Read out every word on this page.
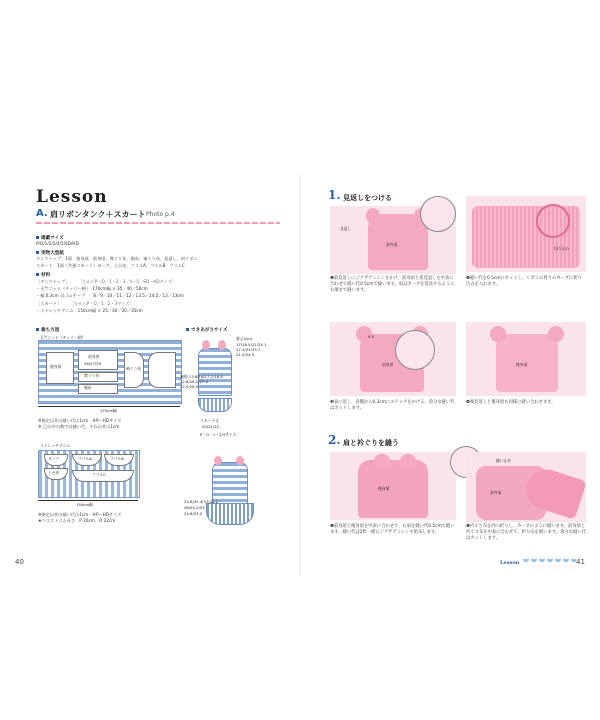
Lesson
A. 肩リボンタンク＋スカート Photo p.4
掲載サイズ
P/O/1/2/3/4/5/SD/HD
実物大型紙
タンクトップ：1面　後身頃、前身頃、襟ぐり布、裾布、袖ぐり布、見返し、肩リボン
スカート：1面（共通スカート）ヨーク、土台布、フリルA、フリルB、フリルC
材料
［タンクトップ］ ［左からP・O／1・2・3／4・5・SD・HDサイズ］
・天竺ニット（チェリー柄）　170cm幅 × 35／40／50cm
・幅 0.3cm のゴムテープ　　8／9／10／11／12／13.5／14.5／12／13cm
［スカート］ ［左からP・O／1／2・3サイズ］
・ストレッチデニム　150cm幅 × 25／30／30／35cm
裁ち方図
天竺ニット（チェリー柄）
後身頃
前身頃
26/27/29
襟ぐり布
裾布
袖ぐり布
170cm幅
※指定以外の縫い代は1cm　※P〜HDサイズ
※ ◯の中の数字は縫い代。それ以外は1cm
ストレッチデニム
ヨーク
土台布
フリルA	フリルB
フリルC
150cm幅
※指定以外の縫い代は1cm　※P〜HDサイズ
★ウエストゴム長さ：P 20cm、O 22cm
できあがりサイズ
着丈(cm)
17/18.5/21/24.1
27.4/31/33.7
21.5/24.5
胸囲 13.8/16/17.2/18.8
22.8/26.1/27.4
22.5/26.5
スカート丈
20/21/22
P・O・1・2/3サイズ
24.6/32.4/37/42.2
46/54.2/53
24.6/33.5
40
1. 見返しをつける
前身頃
見返し
❶前見返しにジグザグミシンをかけ、前身頃と前見返しを中表に合わせて縫い代0.5cmで縫います。肩はカーブを延長するように右端まで縫います。
切り込み
❷縫い代を0.5cmにカットし、リボンの周りのカーブに切り込みを入れます。
前身頃
0.5
❸表に返し、表側から0.3cmにステッチをかける。余分な縫い代はカットします。
後身頃
❹後見返しと後身頃も同様に縫い合わせます。
2. 肩と衿ぐりを縫う
後身頃
❶前身頃と後身頃を中表に合わせて、右肩を縫い代0.5cmで縫います。縫い代は2枚一緒にジグザグミシンで始末します。
前身頃
縫い止め
❷衿ぐり布を四つ折りし、カーブのように縫います。前身頃と衿ぐり布を中表に合わせて、折り山を縫います。余分な縫い代はカットします。
Lesson	41
